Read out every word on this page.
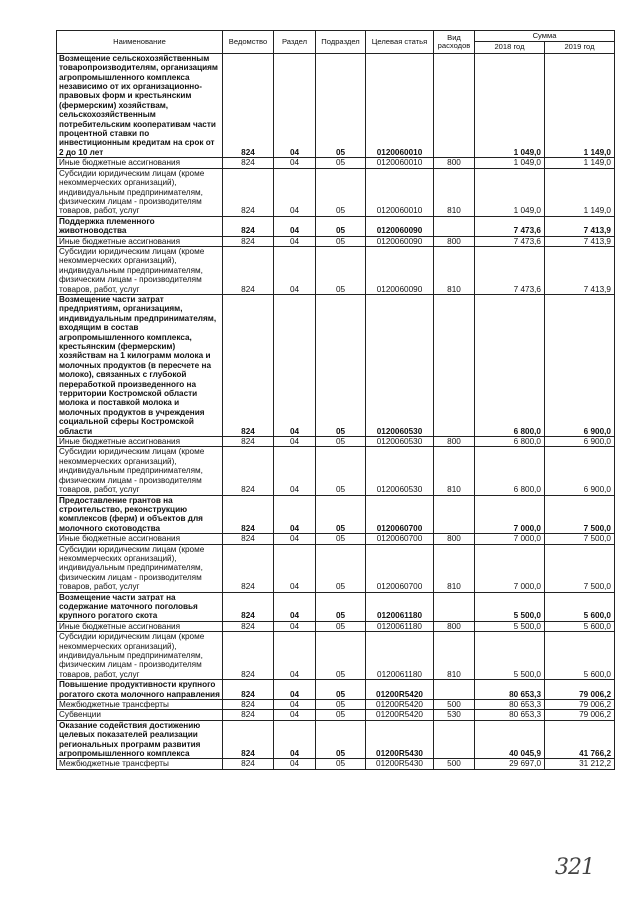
Наименование	Ведомство	Раздел	Подраздел	Целевая статья	Вид расходов	Сумма	
						2018 год	2019 год
Возмещение сельскохозяйственным товаропроизводителям, организациям агропромышленного комплекса независимо от их организационно-правовых форм и крестьянским (фермерским) хозяйствам, сельскохозяйственным потребительским кооперативам части процентной ставки по инвестиционным кредитам на срок от 2 до 10 лет	824	04	05	0120060010		1 049,0	1 149,0
Иные бюджетные ассигнования	824	04	05	0120060010	800	1 049,0	1 149,0
Субсидии юридическим лицам (кроме некоммерческих организаций), индивидуальным предпринимателям, физическим лицам - производителям товаров, работ, услуг	824	04	05	0120060010	810	1 049,0	1 149,0
Поддержка племенного животноводства	824	04	05	0120060090		7 473,6	7 413,9
Иные бюджетные ассигнования	824	04	05	0120060090	800	7 473,6	7 413,9
Субсидии юридическим лицам (кроме некоммерческих организаций), индивидуальным предпринимателям, физическим лицам - производителям товаров, работ, услуг	824	04	05	0120060090	810	7 473,6	7 413,9
Возмещение части затрат предприятиям, организациям, индивидуальным предпринимателям, входящим в состав агропромышленного комплекса, крестьянским (фермерским) хозяйствам на 1 килограмм молока и молочных продуктов (в пересчете на молоко), связанных с глубокой переработкой произведенного на территории Костромской области молока и поставкой молока и молочных продуктов в учреждения социальной сферы Костромской области	824	04	05	0120060530		6 800,0	6 900,0
Иные бюджетные ассигнования	824	04	05	0120060530	800	6 800,0	6 900,0
Субсидии юридическим лицам (кроме некоммерческих организаций), индивидуальным предпринимателям, физическим лицам - производителям товаров, работ, услуг	824	04	05	0120060530	810	6 800,0	6 900,0
Предоставление грантов на строительство, реконструкцию комплексов (ферм) и объектов для молочного скотоводства	824	04	05	0120060700		7 000,0	7 500,0
Иные бюджетные ассигнования	824	04	05	0120060700	800	7 000,0	7 500,0
Субсидии юридическим лицам (кроме некоммерческих организаций), индивидуальным предпринимателям, физическим лицам - производителям товаров, работ, услуг	824	04	05	0120060700	810	7 000,0	7 500,0
Возмещение части затрат на содержание маточного поголовья крупного рогатого скота	824	04	05	0120061180		5 500,0	5 600,0
Иные бюджетные ассигнования	824	04	05	0120061180	800	5 500,0	5 600,0
Субсидии юридическим лицам (кроме некоммерческих организаций), индивидуальным предпринимателям, физическим лицам - производителям товаров, работ, услуг	824	04	05	0120061180	810	5 500,0	5 600,0
Повышение продуктивности крупного рогатого скота молочного направления	824	04	05	01200R5420		80 653,3	79 006,2
Межбюджетные трансферты	824	04	05	01200R5420	500	80 653,3	79 006,2
Субвенции	824	04	05	01200R5420	530	80 653,3	79 006,2
Оказание содействия достижению целевых показателей реализации региональных программ развития агропромышленного комплекса	824	04	05	01200R5430		40 045,9	41 766,2
Межбюджетные трансферты	824	04	05	01200R5430	500	29 697,0	31 212,2
321
